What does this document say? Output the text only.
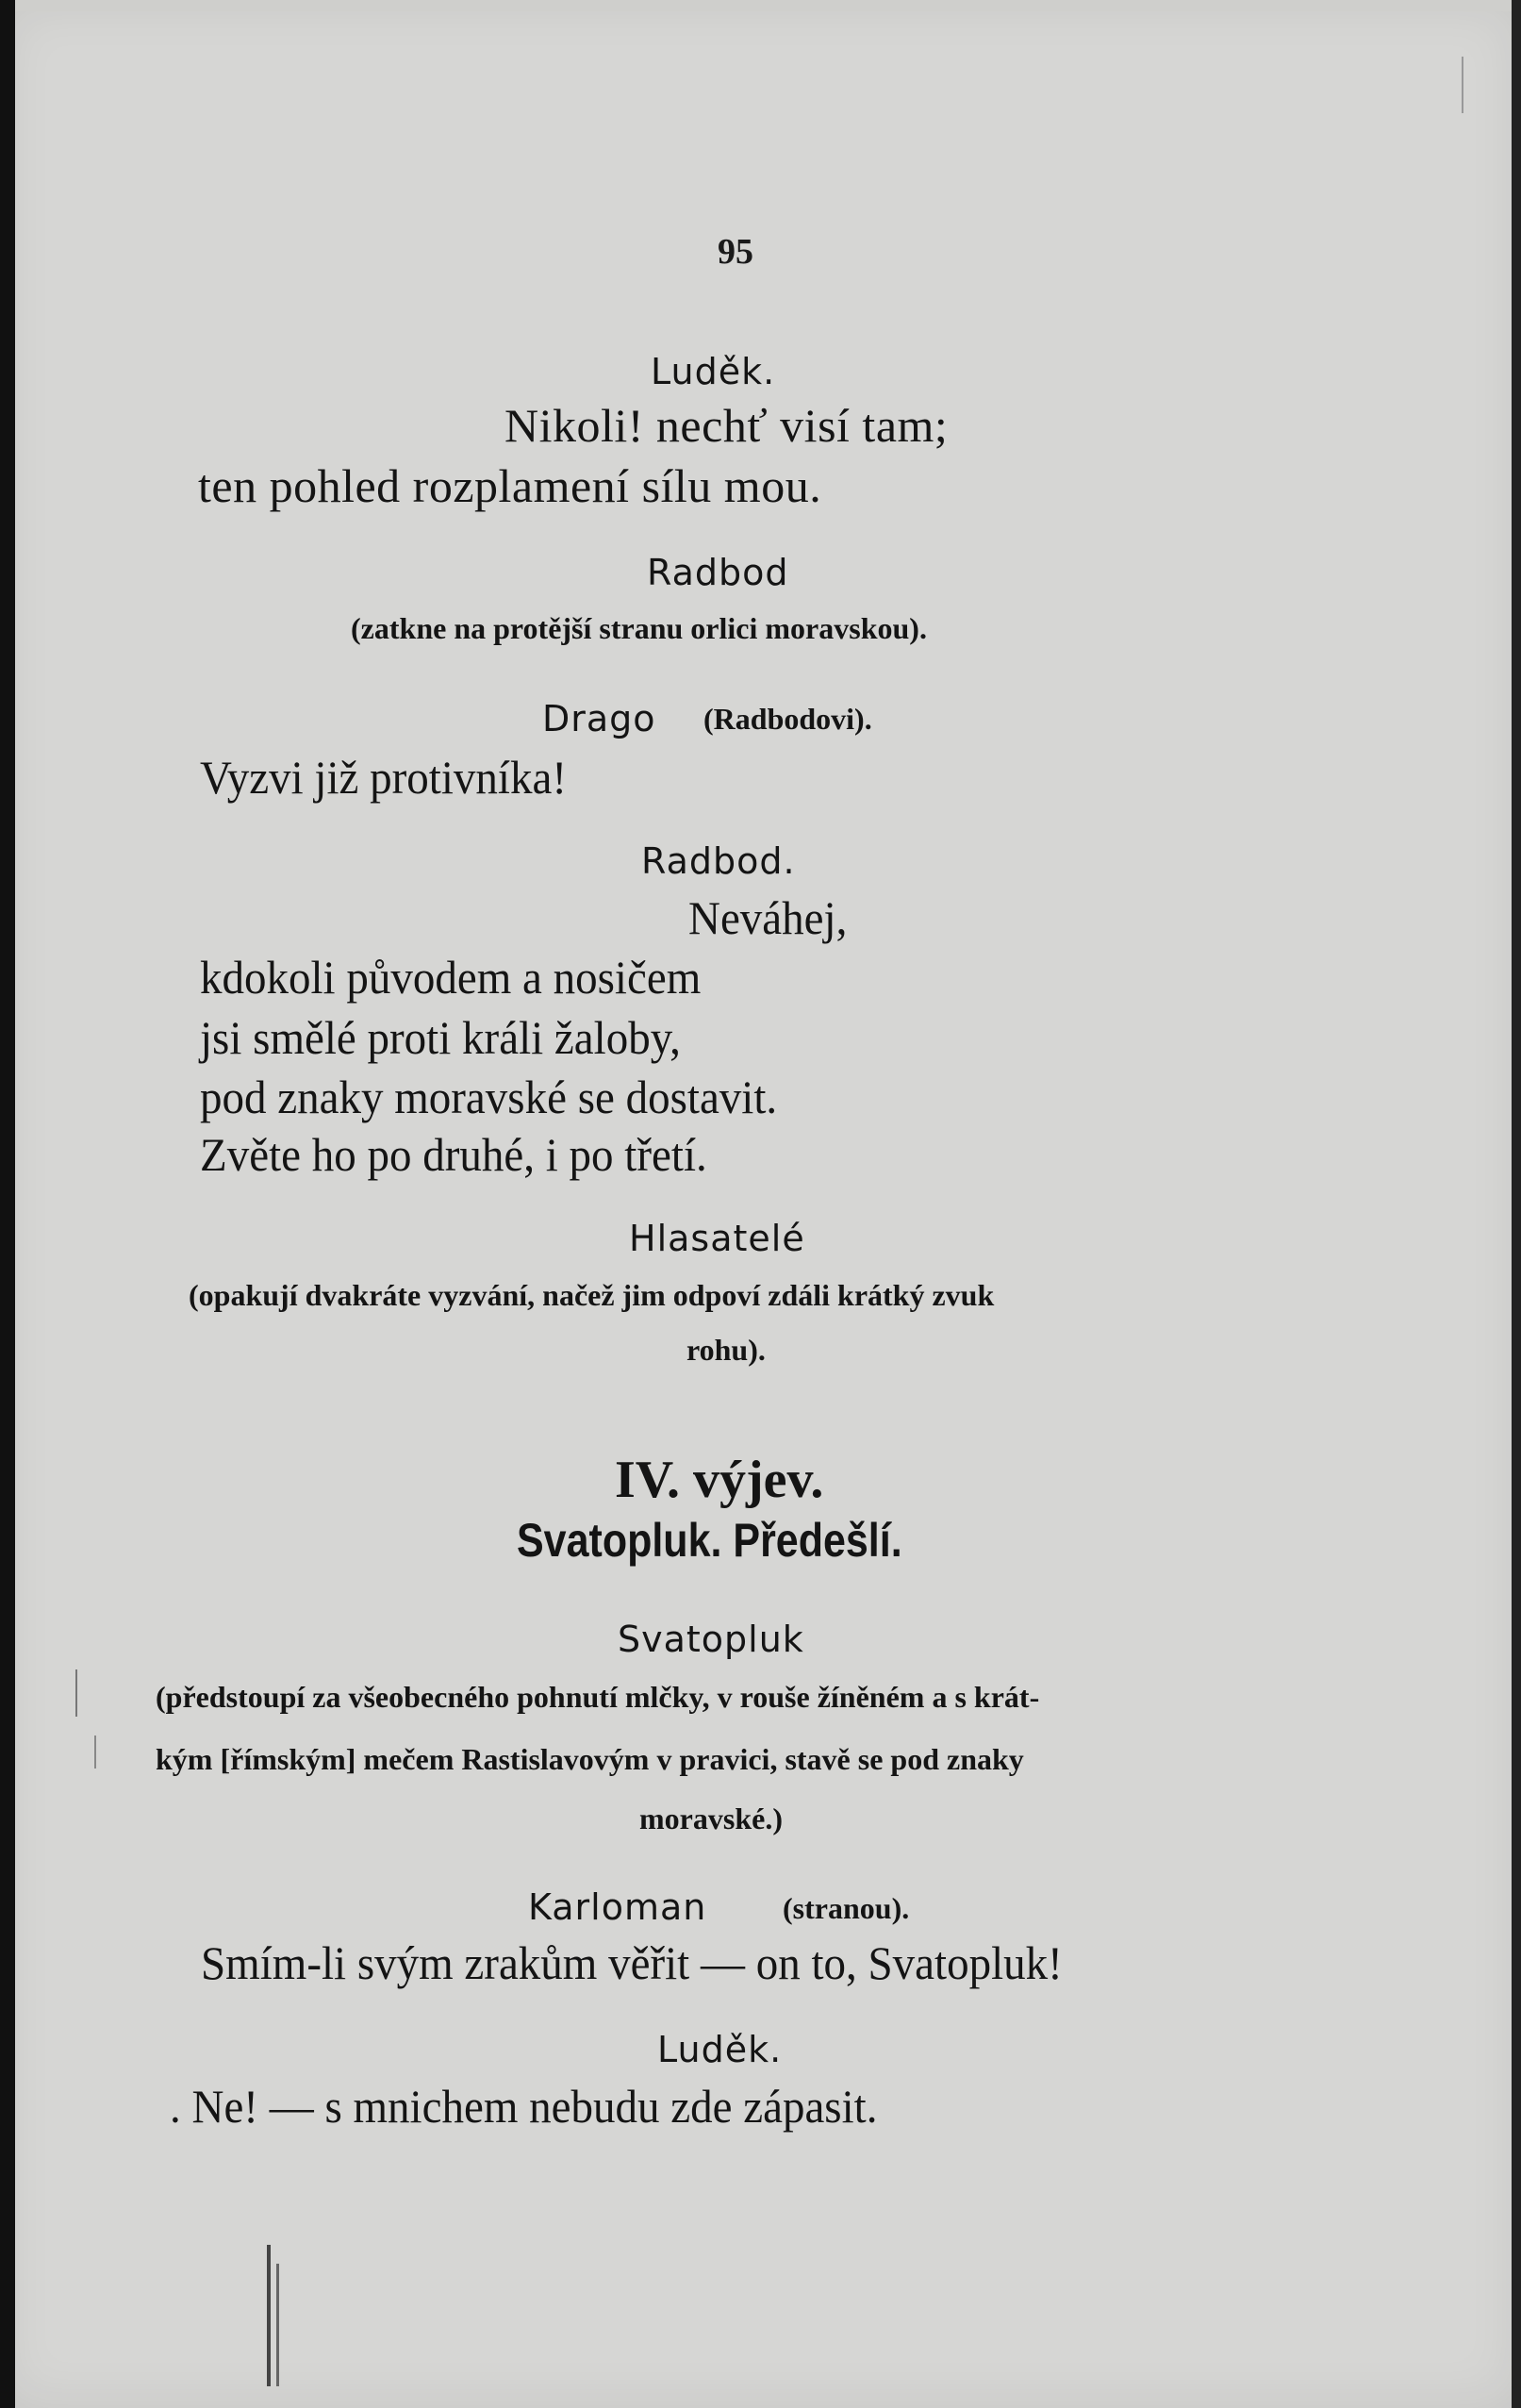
95
Luděk.
Nikoli! nechť visí tam;
ten pohled rozplamení sílu mou.
Radbod
(zatkne na protější stranu orlici moravskou).
Drago (Radbodovi).
Vyzvi již protivníka!
Radbod.
Neváhej,
kdokoli původem a nosičem
jsi smělé proti králi žaloby,
pod znaky moravské se dostavit.
Zvěte ho po druhé, i po třetí.
Hlasatelé
(opakují dvakráte vyzvání, načež jim odpoví zdáli krátký zvuk
rohu).
IV. výjev.
Svatopluk. Předešlí.
Svatopluk
(předstoupí za všeobecného pohnutí mlčky, v rouše žíněném a s krát-
kým [římským] mečem Rastislavovým v pravici, stavě se pod znaky
moravské.)
Karloman	(stranou).
Smím-li svým zrakům věřit — on to, Svatopluk!
Luděk.
. Ne! — s mnichem nebudu zde zápasit.
